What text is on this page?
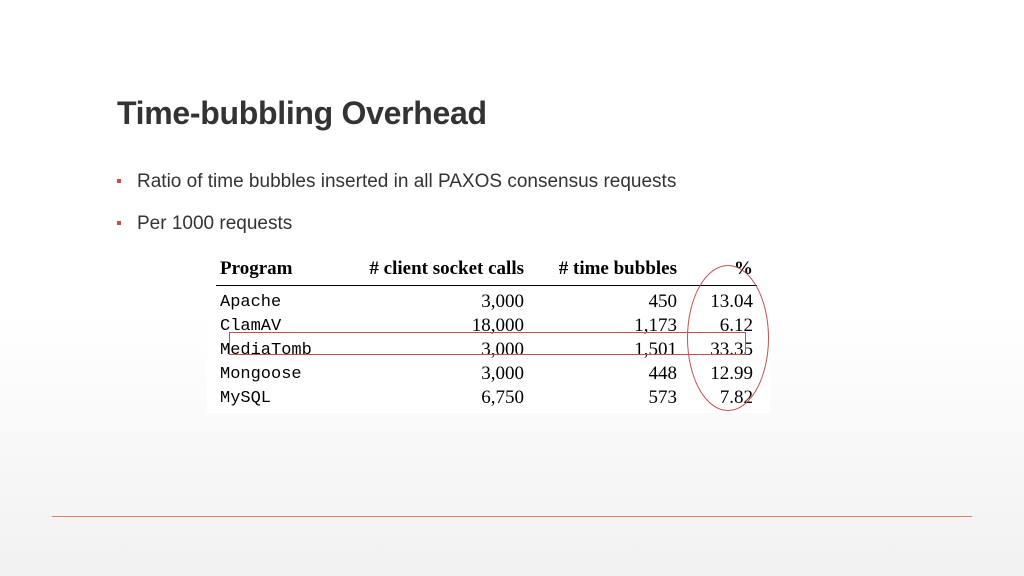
Time-bubbling Overhead
Ratio of time bubbles inserted in all PAXOS consensus requests
Per 1000 requests
Program	# client socket calls	# time bubbles	%
Apache	3,000	450	13.04
ClamAV	18,000	1,173	6.12
MediaTomb	3,000	1,501	33.35
Mongoose	3,000	448	12.99
MySQL	6,750	573	7.82
